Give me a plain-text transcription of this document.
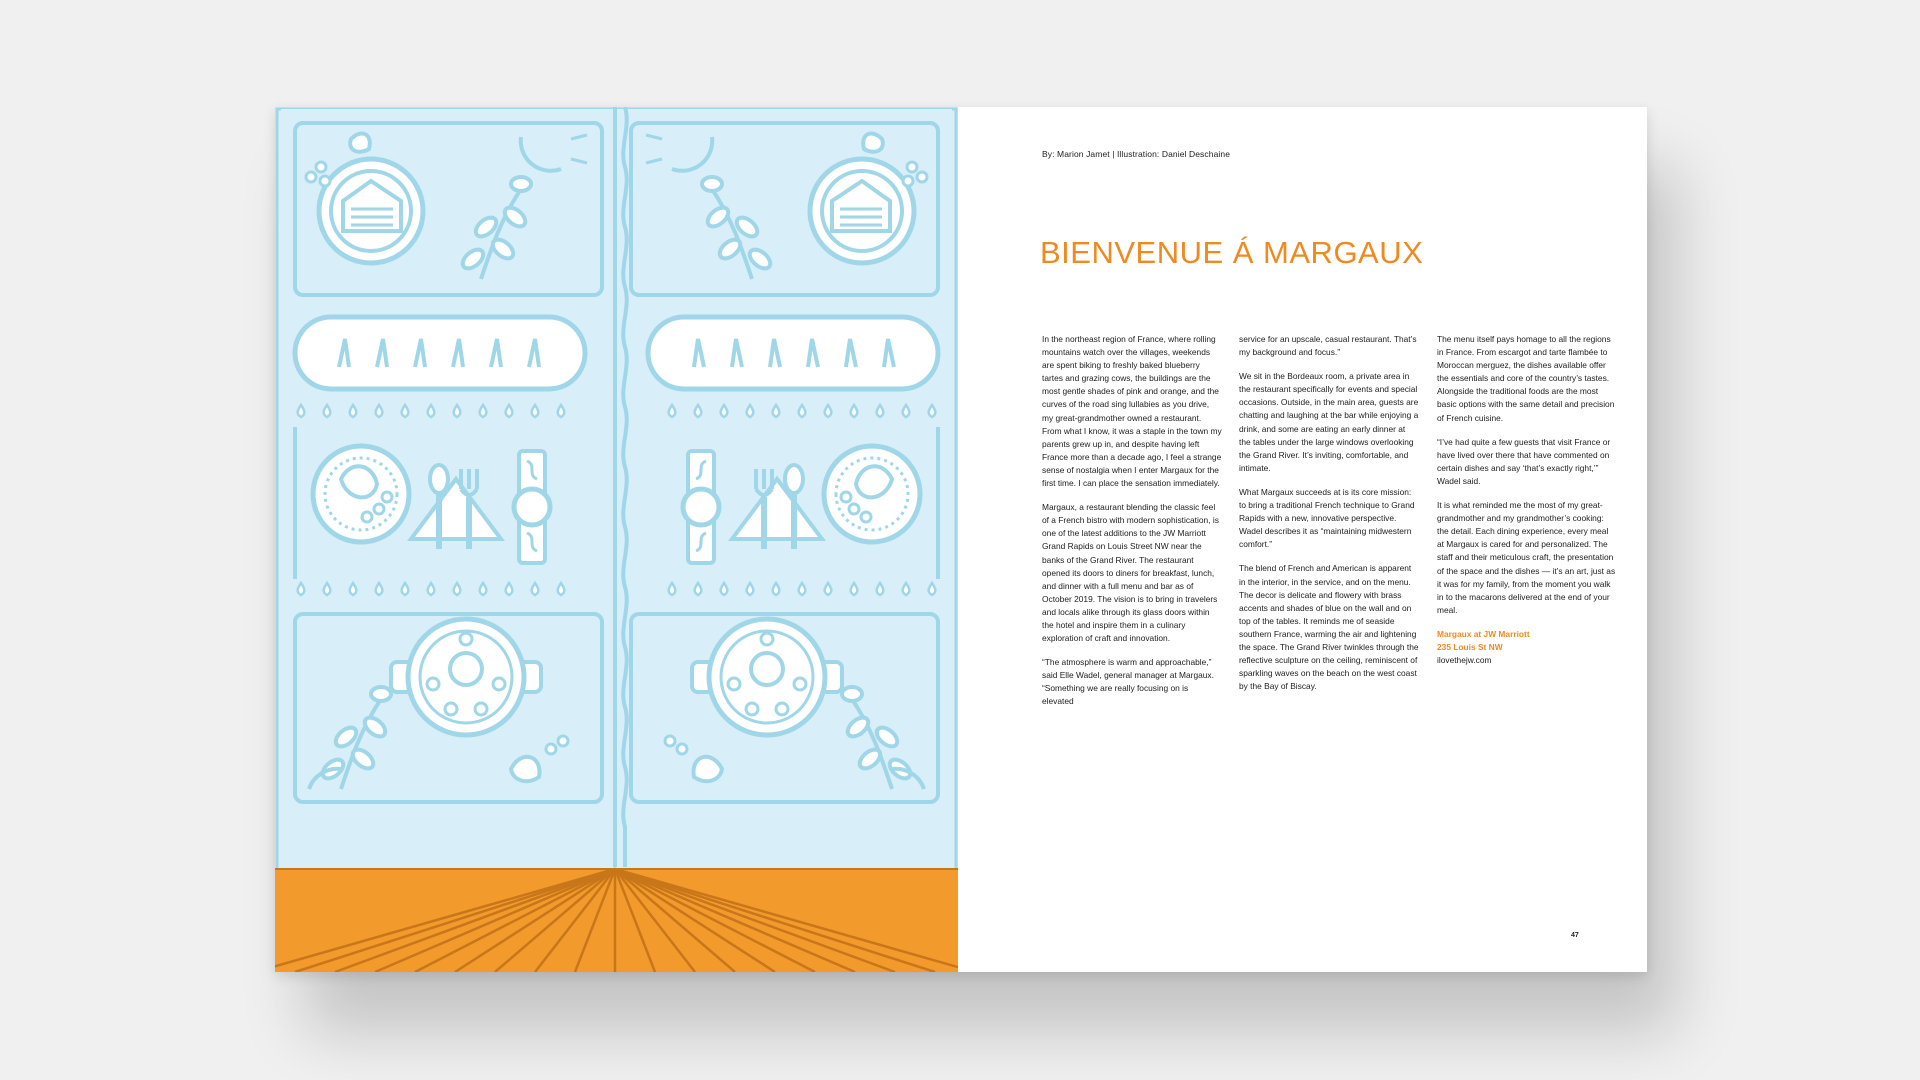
By: Marion Jamet | Illustration: Daniel Deschaine
BIENVENUE Á MARGAUX

In the northeast region of France, where rolling mountains watch over the villages, weekends are spent biking to freshly baked blueberry tartes and grazing cows, the buildings are the most gentle shades of pink and orange, and the curves of the road sing lullabies as you drive, my great-grandmother owned a restaurant. From what I know, it was a staple in the town my parents grew up in, and despite having left France more than a decade ago, I feel a strange sense of nostalgia when I enter Margaux for the first time. I can place the sensation immediately.

Margaux, a restaurant blending the classic feel of a French bistro with modern sophistication, is one of the latest additions to the JW Marriott Grand Rapids on Louis Street NW near the banks of the Grand River. The restaurant opened its doors to diners for breakfast, lunch, and dinner with a full menu and bar as of October 2019. The vision is to bring in travelers and locals alike through its glass doors within the hotel and inspire them in a culinary exploration of craft and innovation.

“The atmosphere is warm and approachable,” said Elle Wadel, general manager at Margaux. “Something we are really focusing on is elevated

service for an upscale, casual restaurant. That’s my background and focus.”

We sit in the Bordeaux room, a private area in the restaurant specifically for events and special occasions. Outside, in the main area, guests are chatting and laughing at the bar while enjoying a drink, and some are eating an early dinner at the tables under the large windows overlooking the Grand River. It’s inviting, comfortable, and intimate.

What Margaux succeeds at is its core mission: to bring a traditional French technique to Grand Rapids with a new, innovative perspective. Wadel describes it as “maintaining midwestern comfort.”

The blend of French and American is apparent in the interior, in the service, and on the menu. The decor is delicate and flowery with brass accents and shades of blue on the wall and on top of the tables. It reminds me of seaside southern France, warming the air and lightening the space. The Grand River twinkles through the reflective sculpture on the ceiling, reminiscent of sparkling waves on the beach on the west coast by the Bay of Biscay.

The menu itself pays homage to all the regions in France. From escargot and tarte flambée to Moroccan merguez, the dishes available offer the essentials and core of the country’s tastes. Alongside the traditional foods are the most basic options with the same detail and precision of French cuisine.

“I’ve had quite a few guests that visit France or have lived over there that have commented on certain dishes and say ‘that’s exactly right,’” Wadel said.

It is what reminded me the most of my great-grandmother and my grandmother’s cooking: the detail. Each dining experience, every meal at Margaux is cared for and personalized. The staff and their meticulous craft, the presentation of the space and the dishes — it’s an art, just as it was for my family, from the moment you walk in to the macarons delivered at the end of your meal.

Margaux at JW Marriott
235 Louis St NW
ilovethejw.com
47
